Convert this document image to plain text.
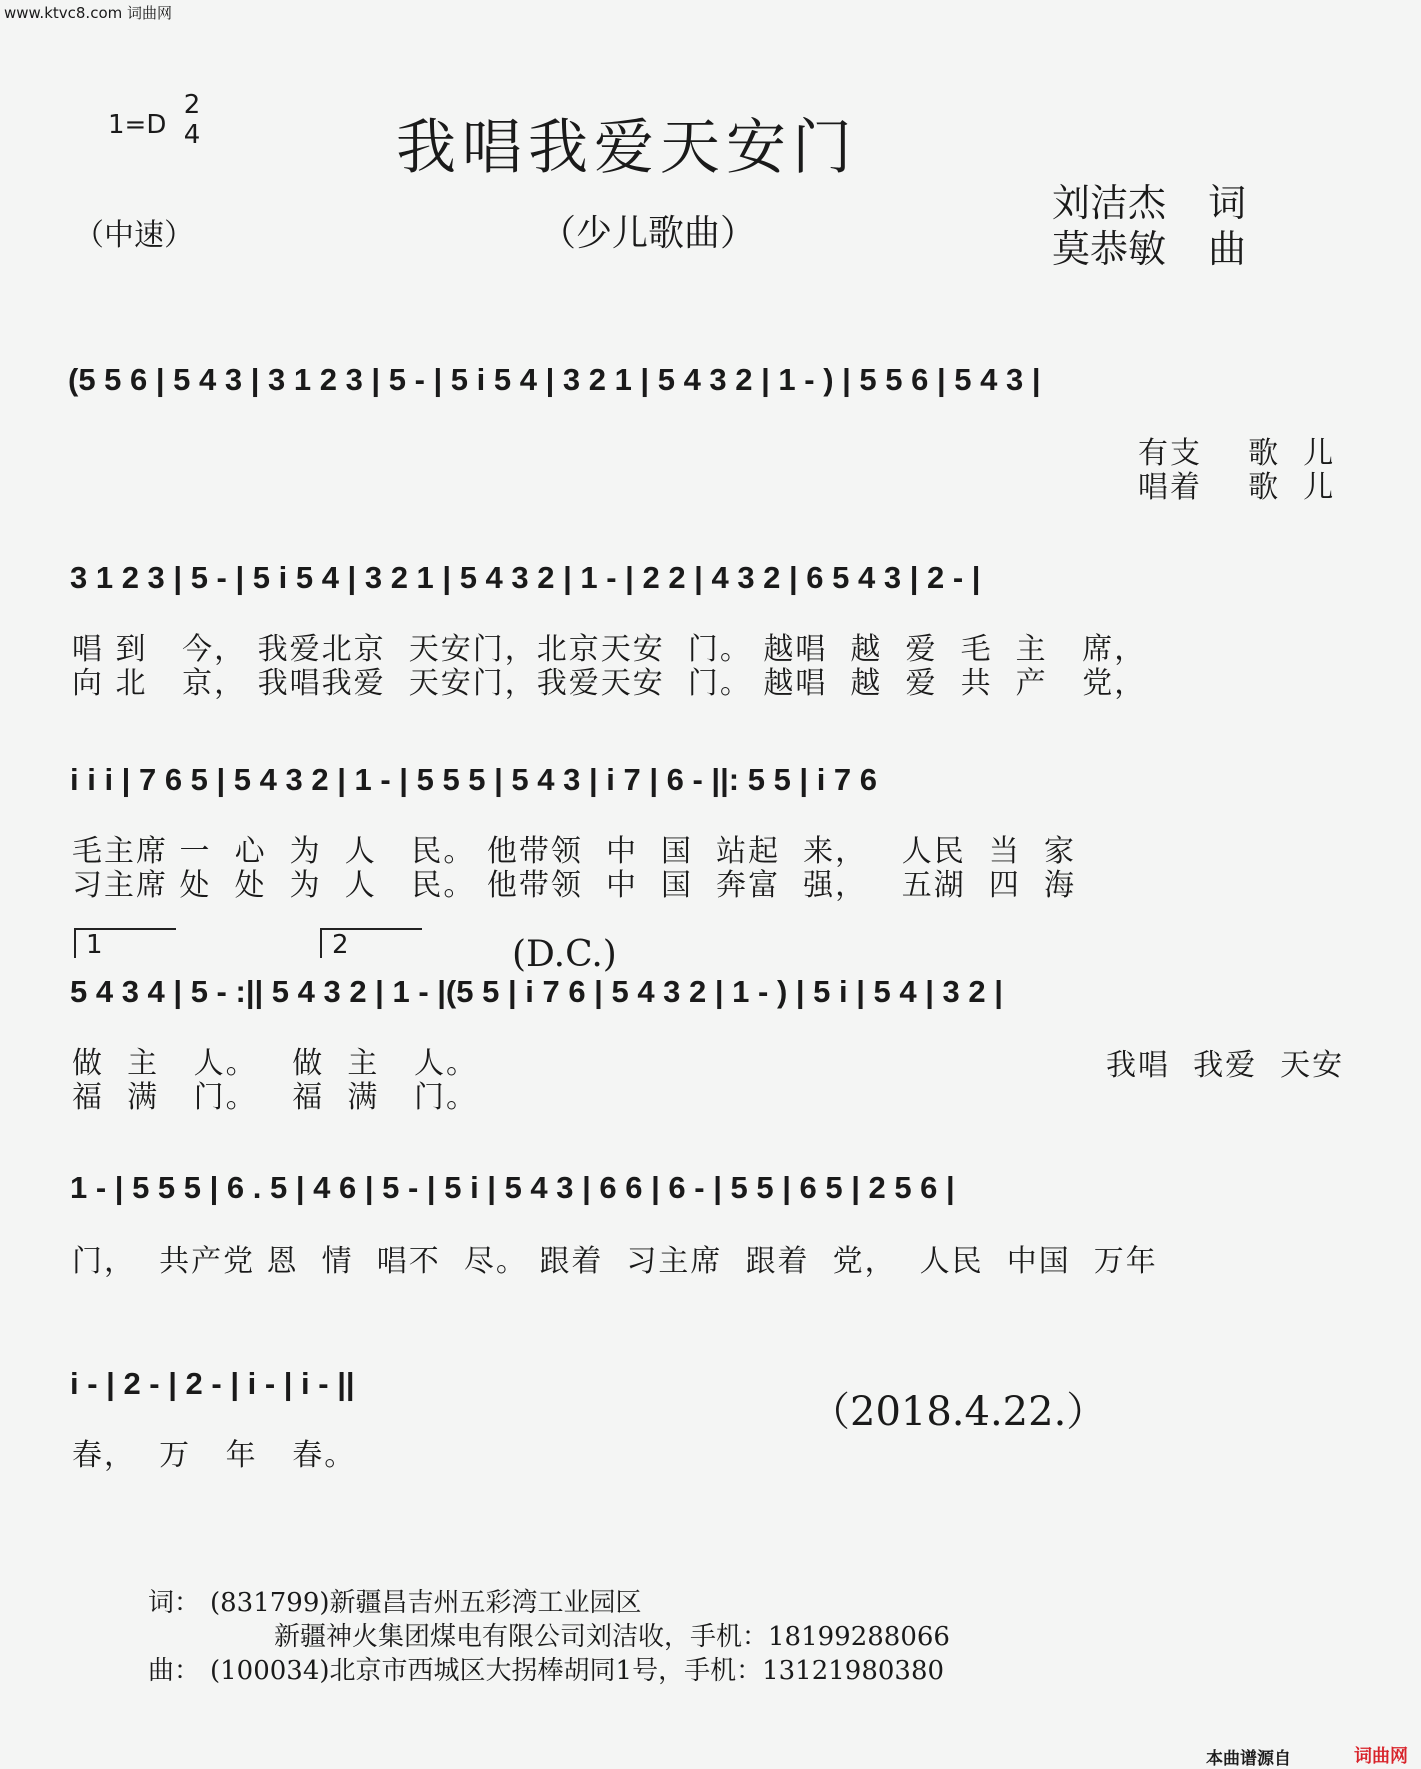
www.ktvc8.com 词曲网
1=D
2
4
（中速）
我唱我爱天安门
（少儿歌曲）
刘洁杰 词
莫恭敏 曲
(5 5 6 | 5 4 3 | 3 1 2 3 | 5 - | 5 i 5 4 | 3 2 1 | 5 4 3 2 | 1 - ) | 5 5 6 | 5 4 3 |
有支    歌  儿
唱着    歌  儿
3 1 2 3 | 5 - | 5 i 5 4 | 3 2 1 | 5 4 3 2 | 1 - | 2 2 | 4 3 2 | 6 5 4 3 | 2 - |
唱 到   今， 我爱北京  天安门，北京天安  门。 越唱  越  爱  毛  主   席，
向 北   京， 我唱我爱  天安门，我爱天安  门。 越唱  越  爱  共  产   党，
i i i | 7 6 5 | 5 4 3 2 | 1 - | 5 5 5 | 5 4 3 | i 7 | 6 - ||: 5 5 | i 7 6
毛主席 一  心  为  人   民。 他带领  中  国  站起  来，   人民  当  家
习主席 处  处  为  人   民。 他带领  中  国  奔富  强，   五湖  四  海
1	2	(D.C.)
5 4 3 4 | 5 - :|| 5 4 3 2 | 1 - |(5 5 | i 7 6 | 5 4 3 2 | 1 - ) | 5 i | 5 4 | 3 2 |
做  主   人。   做  主   人。
福  满   门。   福  满   门。
我唱  我爱  天安
1 - | 5 5 5 | 6 . 5 | 4 6 | 5 - | 5 i | 5 4 3 | 6 6 | 6 - | 5 5 | 6 5 | 2 5 6 |
门，  共产党 恩  情  唱不  尽。 跟着  习主席  跟着  党，  人民  中国  万年
i - | 2 - | 2 - | i - | i - ||
（2018.4.22.）
春，  万   年   春。
词： (831799)新疆昌吉州五彩湾工业园区
新疆神火集团煤电有限公司刘洁收，手机：18199288066
曲： (100034)北京市西城区大拐棒胡同1号，手机：13121980380
本曲谱源自	词曲网
